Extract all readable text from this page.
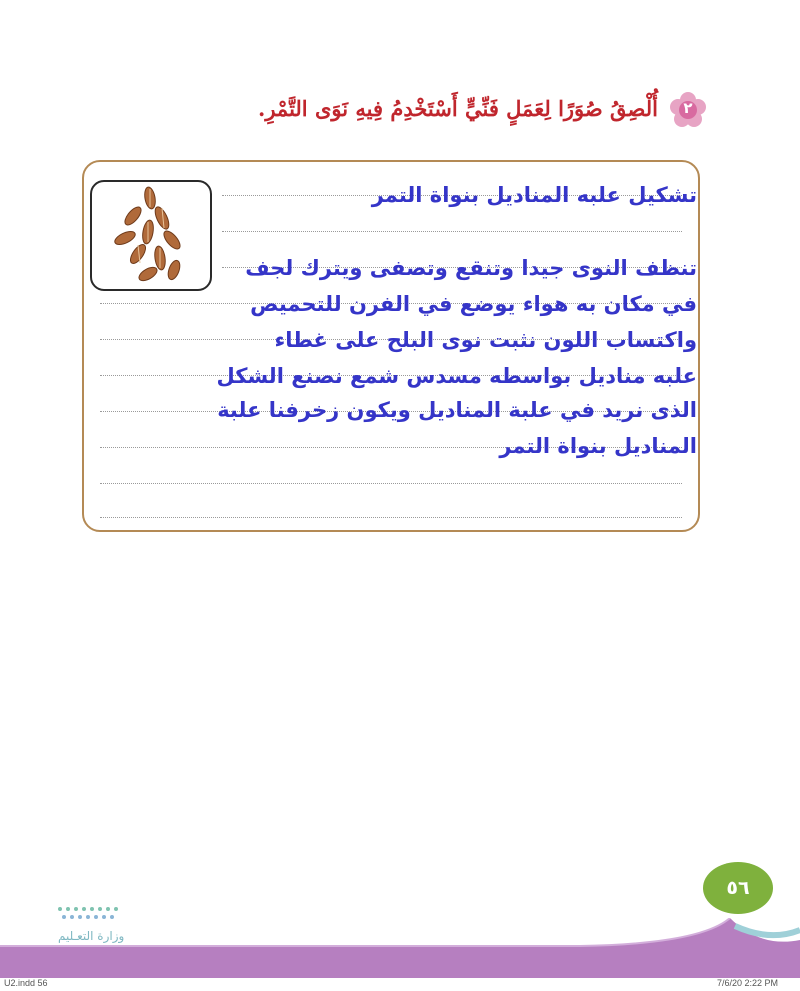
٢
أُلْصِقُ صُوَرًا لِعَمَلٍ فَنِّيٍّ أَسْتَخْدِمُ فِيهِ نَوَى التَّمْرِ.
تشكيل علبه المناديل بنواة التمر
تنظف النوى جيدا وتنقع وتصفى ويترك لجف
في مكان به هواء يوضع في الفرن للتحميص
واكتساب اللون نثبت نوى البلح على غطاء
علبه مناديل بواسطه مسدس شمع نصنع الشكل
الذى نريد في علبة المناديل ويكون زخرفنا علبة
المناديل بنواة التمر
٥٦
وزارة التعـليم
U2.indd 56	7/6/20 2:22 PM
